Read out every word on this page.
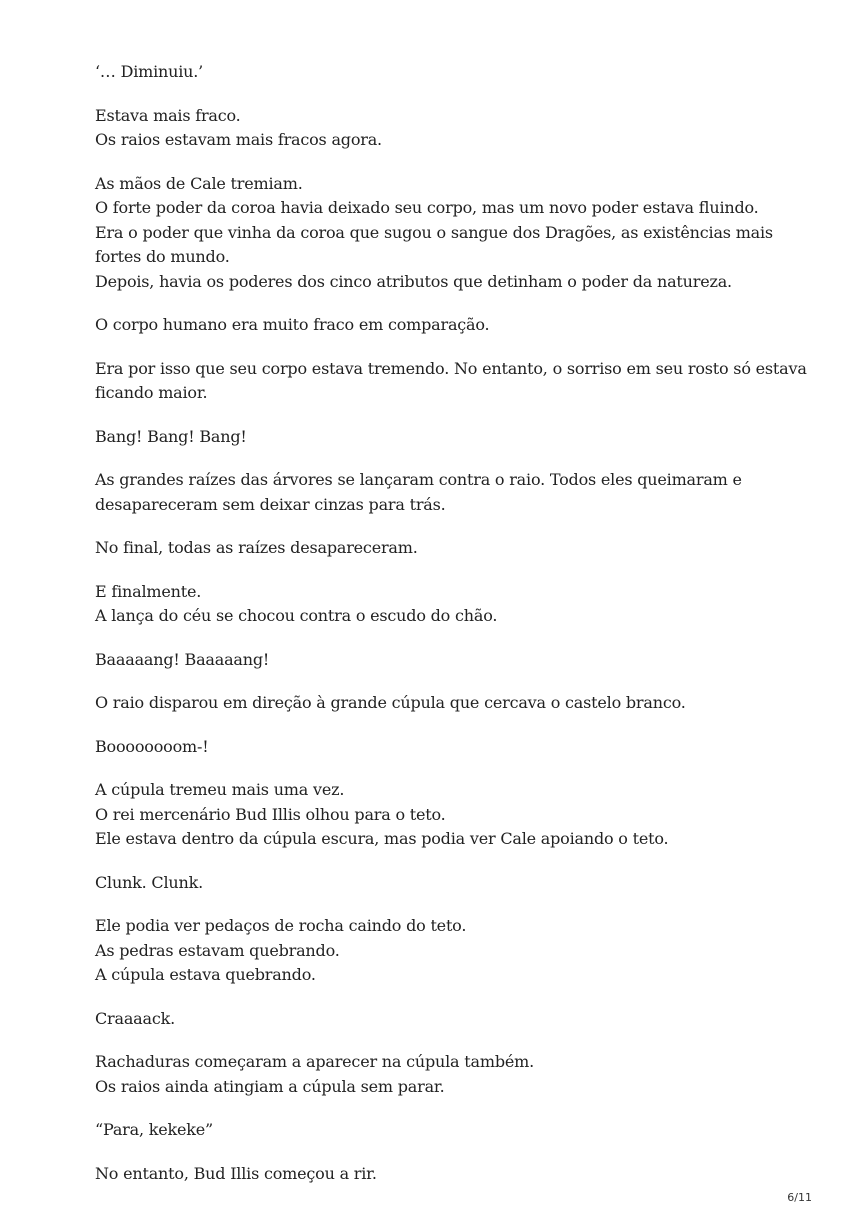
‘… Diminuiu.’

Estava mais fraco.
Os raios estavam mais fracos agora.

As mãos de Cale tremiam.
O forte poder da coroa havia deixado seu corpo, mas um novo poder estava fluindo.
Era o poder que vinha da coroa que sugou o sangue dos Dragões, as existências mais
fortes do mundo.
Depois, havia os poderes dos cinco atributos que detinham o poder da natureza.

O corpo humano era muito fraco em comparação.

Era por isso que seu corpo estava tremendo. No entanto, o sorriso em seu rosto só estava
ficando maior.

Bang! Bang! Bang!

As grandes raízes das árvores se lançaram contra o raio. Todos eles queimaram e
desapareceram sem deixar cinzas para trás.

No final, todas as raízes desapareceram.

E finalmente.
A lança do céu se chocou contra o escudo do chão.

Baaaaang! Baaaaang!

O raio disparou em direção à grande cúpula que cercava o castelo branco.

Boooooooom-!

A cúpula tremeu mais uma vez.
O rei mercenário Bud Illis olhou para o teto.
Ele estava dentro da cúpula escura, mas podia ver Cale apoiando o teto.

Clunk. Clunk.

Ele podia ver pedaços de rocha caindo do teto.
As pedras estavam quebrando.
A cúpula estava quebrando.

Craaaack.

Rachaduras começaram a aparecer na cúpula também.
Os raios ainda atingiam a cúpula sem parar.

“Para, kekeke”

No entanto, Bud Illis começou a rir.

6/11
